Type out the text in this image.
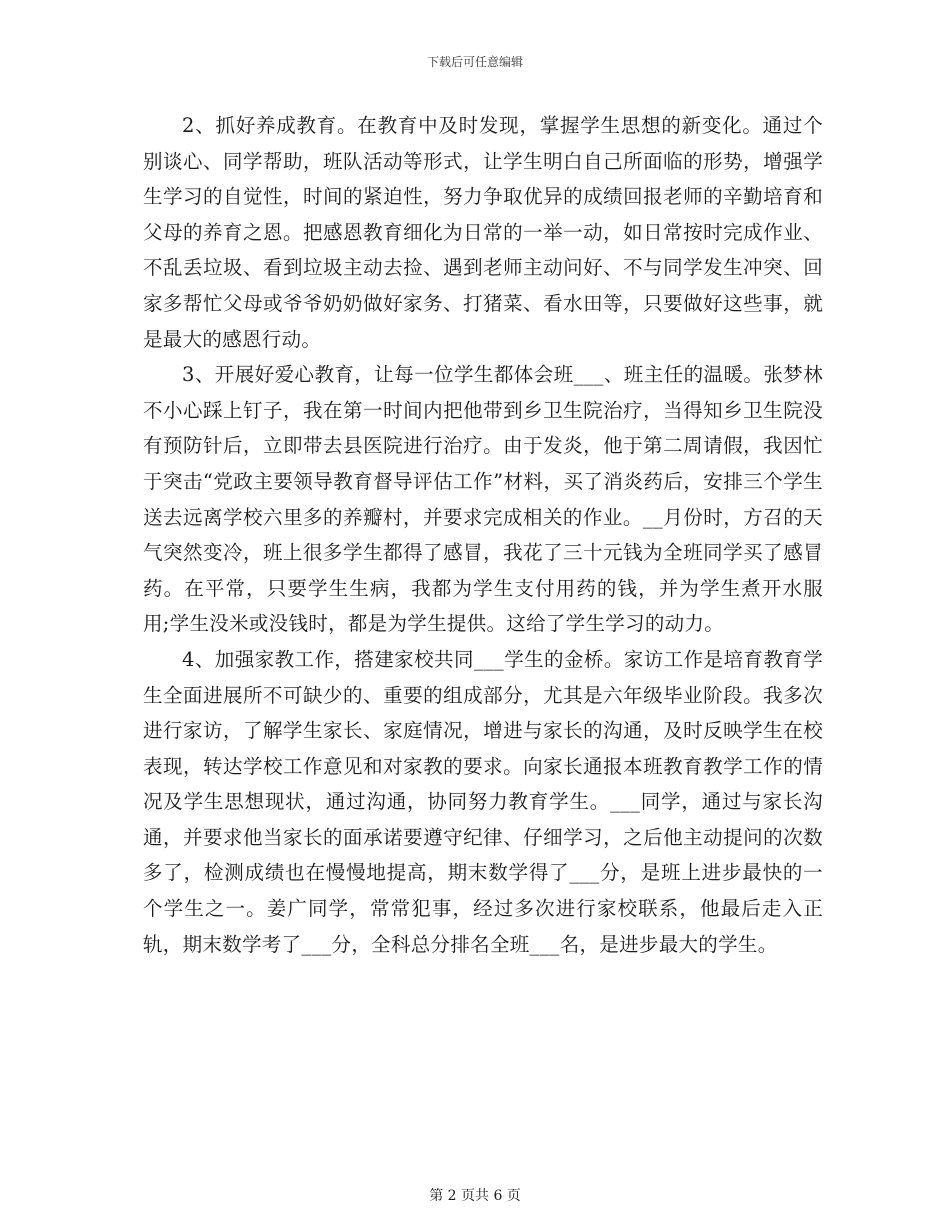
下载后可任意编辑

2、抓好养成教育。在教育中及时发现，掌握学生思想的新变化。通过个别谈心、同学帮助，班队活动等形式，让学生明白自己所面临的形势，增强学生学习的自觉性，时间的紧迫性，努力争取优异的成绩回报老师的辛勤培育和父母的养育之恩。把感恩教育细化为日常的一举一动，如日常按时完成作业、不乱丢垃圾、看到垃圾主动去捡、遇到老师主动问好、不与同学发生冲突、回家多帮忙父母或爷爷奶奶做好家务、打猪菜、看水田等，只要做好这些事，就是最大的感恩行动。

3、开展好爱心教育，让每一位学生都体会班___、班主任的温暖。张梦林不小心踩上钉子，我在第一时间内把他带到乡卫生院治疗，当得知乡卫生院没有预防针后，立即带去县医院进行治疗。由于发炎，他于第二周请假，我因忙于突击“党政主要领导教育督导评估工作”材料，买了消炎药后，安排三个学生送去远离学校六里多的养瓣村，并要求完成相关的作业。__月份时，方召的天气突然变冷，班上很多学生都得了感冒，我花了三十元钱为全班同学买了感冒药。在平常，只要学生生病，我都为学生支付用药的钱，并为学生煮开水服用;学生没米或没钱时，都是为学生提供。这给了学生学习的动力。

4、加强家教工作，搭建家校共同___学生的金桥。家访工作是培育教育学生全面进展所不可缺少的、重要的组成部分，尤其是六年级毕业阶段。我多次进行家访，了解学生家长、家庭情况，增进与家长的沟通，及时反映学生在校表现，转达学校工作意见和对家教的要求。向家长通报本班教育教学工作的情况及学生思想现状，通过沟通，协同努力教育学生。___同学，通过与家长沟通，并要求他当家长的面承诺要遵守纪律、仔细学习，之后他主动提问的次数多了，检测成绩也在慢慢地提高，期末数学得了___分，是班上进步最快的一个学生之一。姜广同学，常常犯事，经过多次进行家校联系，他最后走入正轨，期末数学考了___分，全科总分排名全班___名，是进步最大的学生。

第 2 页共 6 页
